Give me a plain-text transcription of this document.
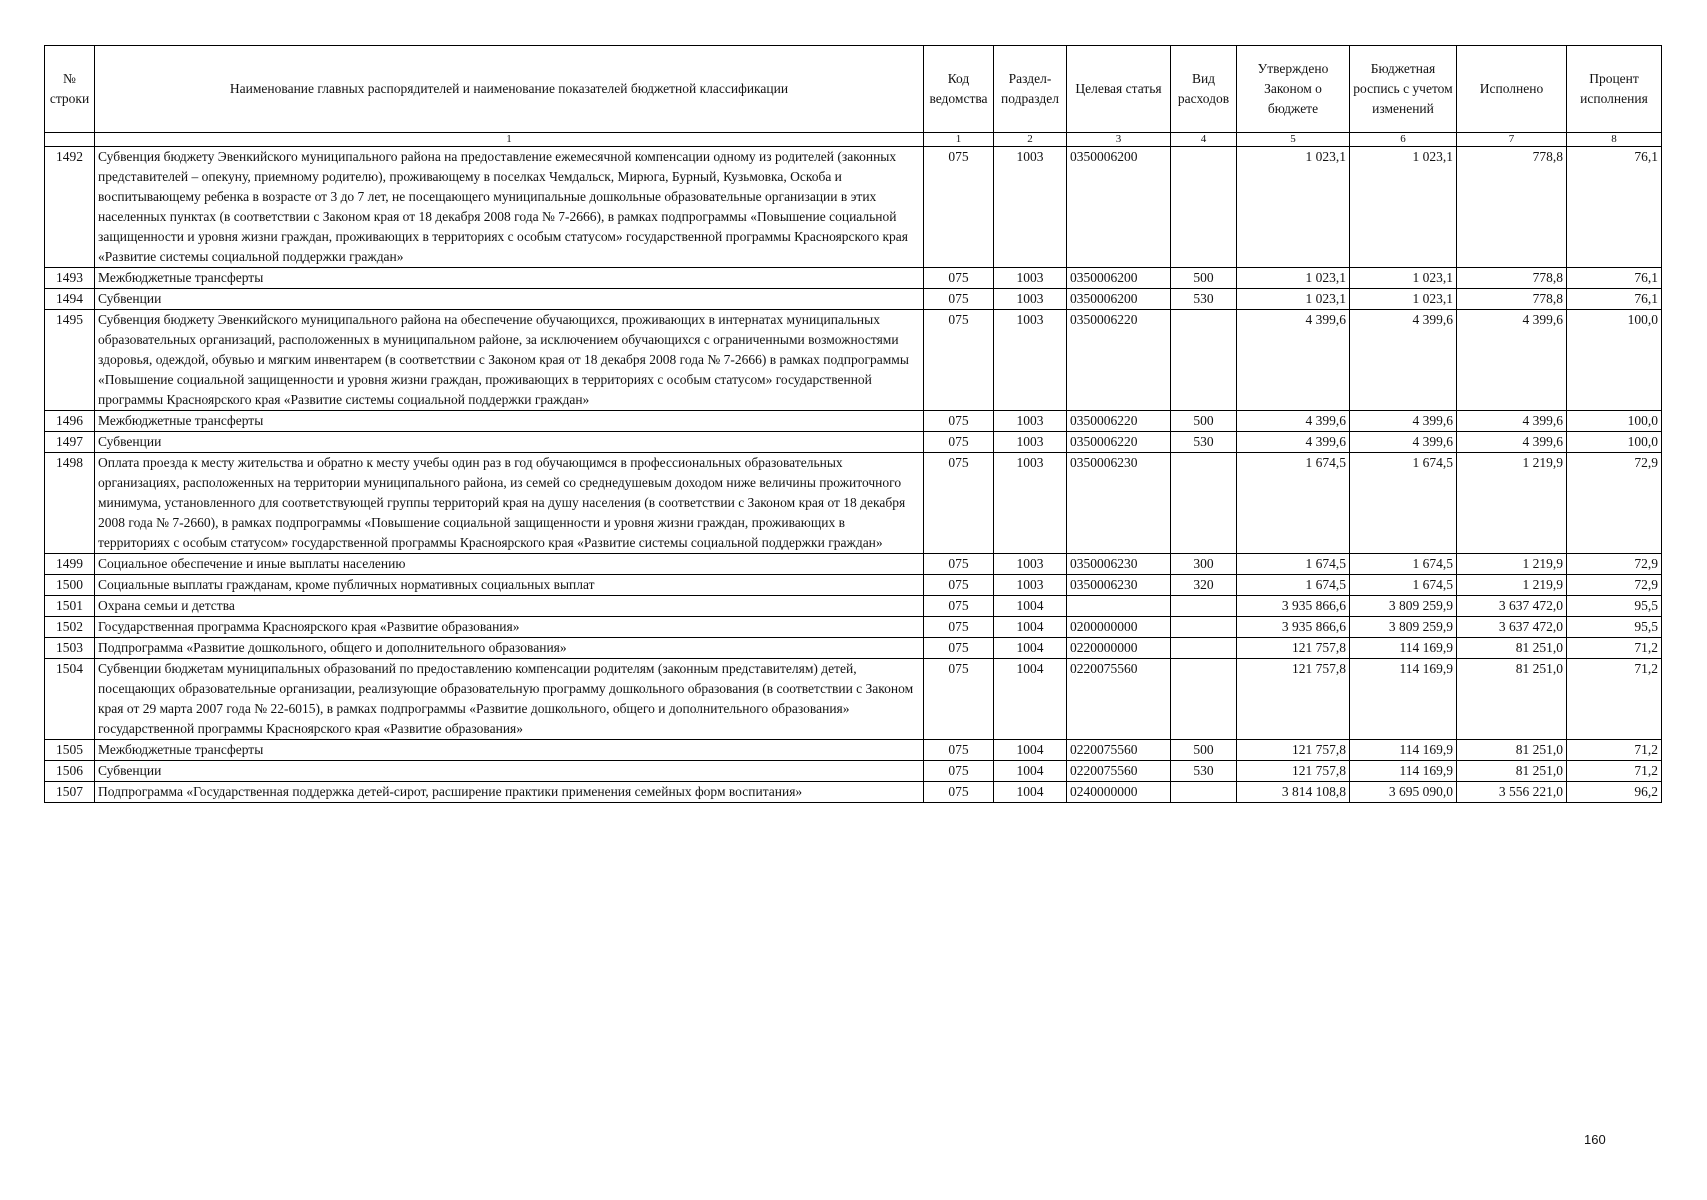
№ строки	Наименование главных распорядителей и наименование показателей бюджетной классификации	Код ведомства	Раздел-подраздел	Целевая статья	Вид расходов	Утверждено Законом о бюджете	Бюджетная роспись с учетом изменений	Исполнено	Процент исполнения
	1	1	2	3	4	5	6	7	8
1492	Субвенция бюджету Эвенкийского муниципального района на предоставление ежемесячной компенсации одному из родителей (законных представителей – опекуну, приемному родителю), проживающему в поселках Чемдальск, Мирюга, Бурный, Кузьмовка, Оскоба и воспитывающему ребенка в возрасте от 3 до 7 лет, не посещающего муниципальные дошкольные образовательные организации в этих населенных пунктах (в соответствии с Законом края от 18 декабря 2008 года № 7-2666), в рамках подпрограммы «Повышение социальной защищенности и уровня жизни граждан, проживающих в территориях с особым статусом» государственной программы Красноярского края «Развитие системы социальной поддержки граждан»	075	1003	0350006200		1 023,1	1 023,1	778,8	76,1
1493	Межбюджетные трансферты	075	1003	0350006200	500	1 023,1	1 023,1	778,8	76,1
1494	Субвенции	075	1003	0350006200	530	1 023,1	1 023,1	778,8	76,1
1495	Субвенция бюджету Эвенкийского муниципального района на обеспечение обучающихся, проживающих в интернатах муниципальных образовательных организаций, расположенных в муниципальном районе, за исключением обучающихся с ограниченными возможностями здоровья, одеждой, обувью и мягким инвентарем (в соответствии с Законом края от 18 декабря 2008 года № 7-2666) в рамках подпрограммы «Повышение социальной защищенности и уровня жизни граждан, проживающих в территориях с особым статусом» государственной программы Красноярского края «Развитие системы социальной поддержки граждан»	075	1003	0350006220		4 399,6	4 399,6	4 399,6	100,0
1496	Межбюджетные трансферты	075	1003	0350006220	500	4 399,6	4 399,6	4 399,6	100,0
1497	Субвенции	075	1003	0350006220	530	4 399,6	4 399,6	4 399,6	100,0
1498	Оплата проезда к месту жительства и обратно к месту учебы один раз в год обучающимся в профессиональных образовательных организациях, расположенных на территории муниципального района, из семей со среднедушевым доходом ниже величины прожиточного минимума, установленного для соответствующей группы территорий края на душу населения (в соответствии с Законом края от 18 декабря 2008 года № 7-2660), в рамках подпрограммы «Повышение социальной защищенности и уровня жизни граждан, проживающих в территориях с особым статусом» государственной программы Красноярского края «Развитие системы социальной поддержки граждан»	075	1003	0350006230		1 674,5	1 674,5	1 219,9	72,9
1499	Социальное обеспечение и иные выплаты населению	075	1003	0350006230	300	1 674,5	1 674,5	1 219,9	72,9
1500	Социальные выплаты гражданам, кроме публичных нормативных социальных выплат	075	1003	0350006230	320	1 674,5	1 674,5	1 219,9	72,9
1501	Охрана семьи и детства	075	1004			3 935 866,6	3 809 259,9	3 637 472,0	95,5
1502	Государственная программа Красноярского края «Развитие образования»	075	1004	0200000000		3 935 866,6	3 809 259,9	3 637 472,0	95,5
1503	Подпрограмма «Развитие дошкольного, общего и дополнительного образования»	075	1004	0220000000		121 757,8	114 169,9	81 251,0	71,2
1504	Субвенции бюджетам муниципальных образований по предоставлению компенсации родителям (законным представителям) детей, посещающих образовательные организации, реализующие образовательную программу дошкольного образования (в соответствии с Законом края от 29 марта 2007 года № 22-6015), в рамках подпрограммы «Развитие дошкольного, общего и дополнительного образования» государственной программы Красноярского края «Развитие образования»	075	1004	0220075560		121 757,8	114 169,9	81 251,0	71,2
1505	Межбюджетные трансферты	075	1004	0220075560	500	121 757,8	114 169,9	81 251,0	71,2
1506	Субвенции	075	1004	0220075560	530	121 757,8	114 169,9	81 251,0	71,2
1507	Подпрограмма «Государственная поддержка детей-сирот, расширение практики применения семейных форм воспитания»	075	1004	0240000000		3 814 108,8	3 695 090,0	3 556 221,0	96,2
160
